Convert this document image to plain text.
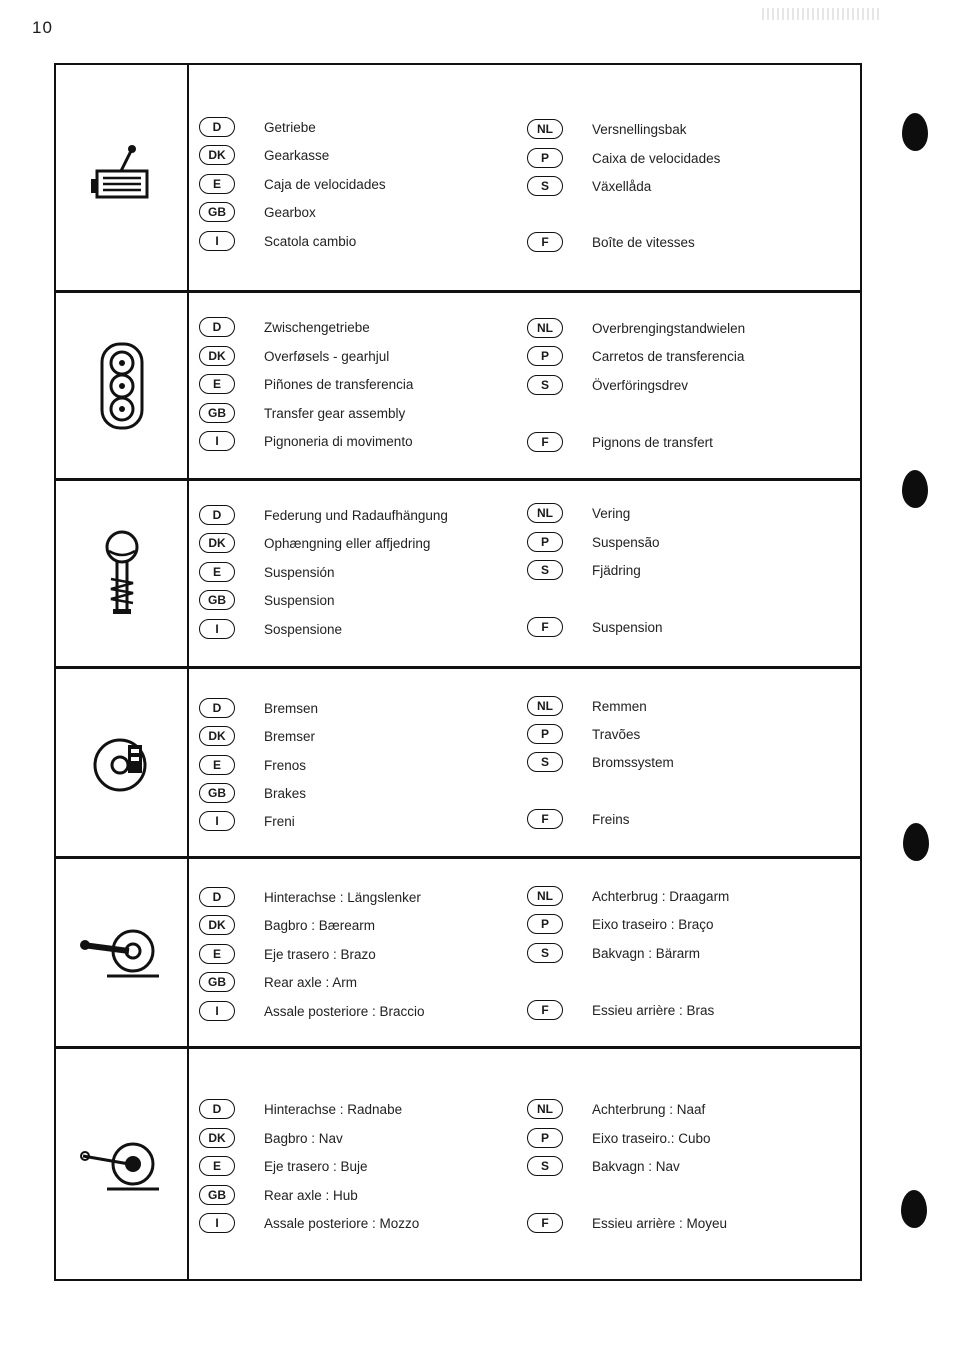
10
D	Getriebe
DK	Gearkasse
E	Caja de velocidades
GB	Gearbox
I	Scatola cambio
NL	Versnellingsbak
P	Caixa de velocidades
S	Växellåda
F	Boîte de vitesses
D	Zwischengetriebe
DK	Overføsels - gearhjul
E	Piñones de transferencia
GB	Transfer gear assembly
I	Pignoneria di movimento
NL	Overbrengingstandwielen
P	Carretos de transferencia
S	Överföringsdrev
F	Pignons de transfert
D	Federung und Radaufhängung
DK	Ophængning eller affjedring
E	Suspensión
GB	Suspension
I	Sospensione
NL	Vering
P	Suspensão
S	Fjädring
F	Suspension
D	Bremsen
DK	Bremser
E	Frenos
GB	Brakes
I	Freni
NL	Remmen
P	Travões
S	Bromssystem
F	Freins
D	Hinterachse : Längslenker
DK	Bagbro : Bærearm
E	Eje trasero : Brazo
GB	Rear axle : Arm
I	Assale posteriore : Braccio
NL	Achterbrug : Draagarm
P	Eixo traseiro : Braço
S	Bakvagn : Bärarm
F	Essieu arrière : Bras
D	Hinterachse : Radnabe
DK	Bagbro : Nav
E	Eje trasero : Buje
GB	Rear axle : Hub
I	Assale posteriore : Mozzo
NL	Achterbrung : Naaf
P	Eixo traseiro.: Cubo
S	Bakvagn : Nav
F	Essieu arrière : Moyeu
